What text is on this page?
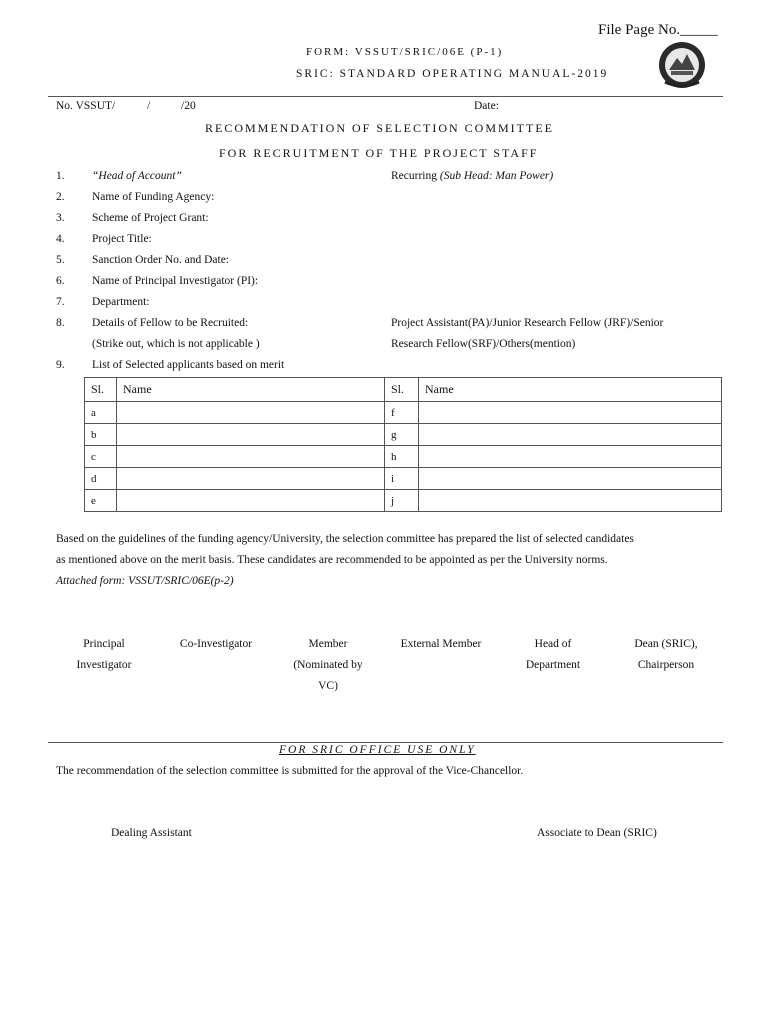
File Page No._____
FORM: VSSUT/SRIC/06E (P-1)
SRIC: STANDARD OPERATING MANUAL-2019
No. VSSUT/	/	/20	Date:
RECOMMENDATION OF SELECTION COMMITTEE
FOR RECRUITMENT OF THE PROJECT STAFF
1. “Head of Account”	Recurring (Sub Head: Man Power)
2. Name of Funding Agency:
3. Scheme of Project Grant:
4. Project Title:
5. Sanction Order No. and Date:
6. Name of Principal Investigator (PI):
7. Department:
8. Details of Fellow to be Recruited:	Project Assistant(PA)/Junior Research Fellow (JRF)/Senior
(Strike out, which is not applicable )	Research Fellow(SRF)/Others(mention)
9. List of Selected applicants based on merit
Sl.	Name	Sl.	Name
a		f	
b		g	
c		h	
d		i	
e		j	
Based on the guidelines of the funding agency/University, the selection committee has prepared the list of selected candidates
as mentioned above on the merit basis. These candidates are recommended to be appointed as per the University norms.
Attached form: VSSUT/SRIC/06E(p-2)
Principal
Investigator
Co-Investigator	Member
(Nominated by
VC)
External Member	Head of
Department
Dean (SRIC),
Chairperson
FOR SRIC OFFICE USE ONLY
The recommendation of the selection committee is submitted for the approval of the Vice-Chancellor.
Dealing Assistant	Associate to Dean (SRIC)
